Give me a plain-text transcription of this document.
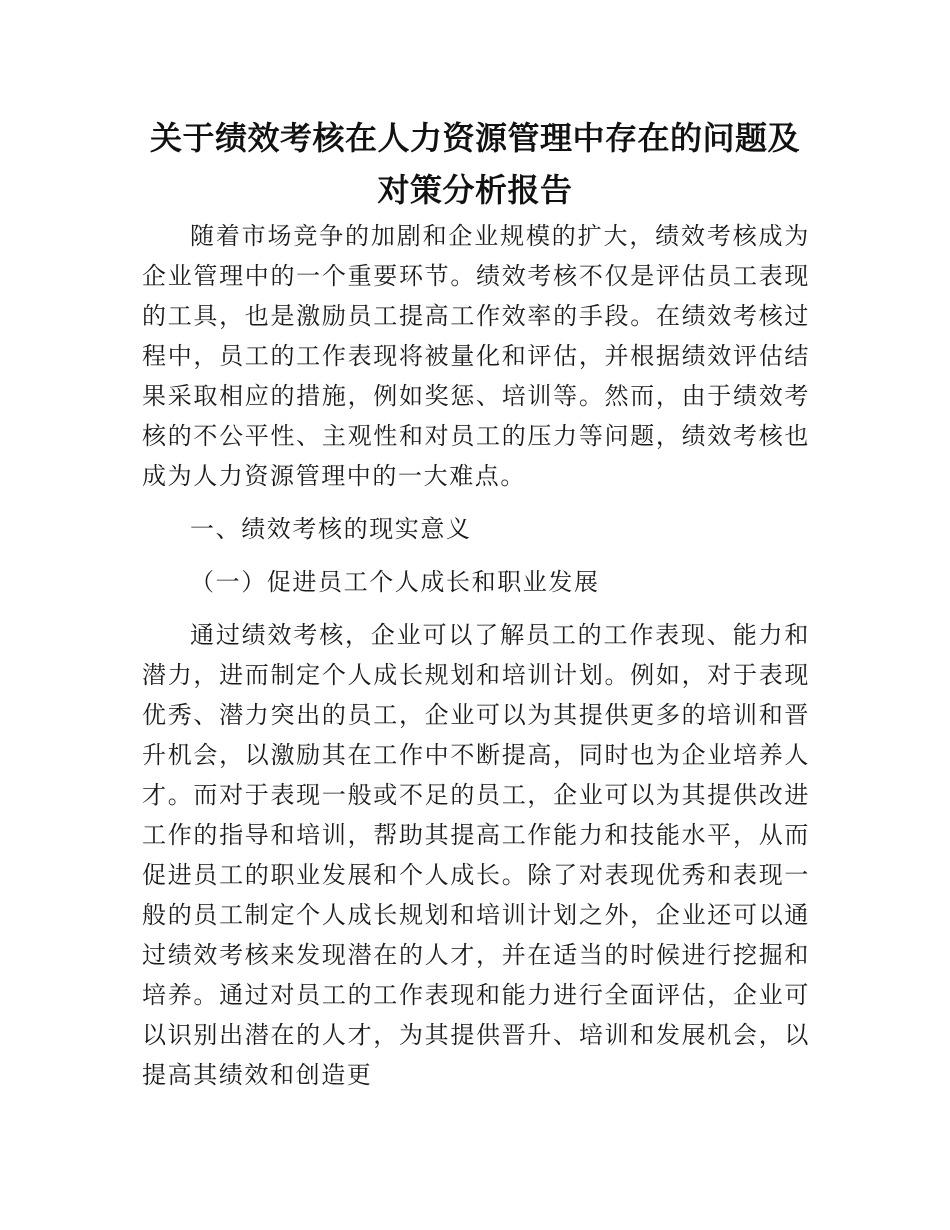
关于绩效考核在人力资源管理中存在的问题及对策分析报告

随着市场竞争的加剧和企业规模的扩大，绩效考核成为企业管理中的一个重要环节。绩效考核不仅是评估员工表现的工具，也是激励员工提高工作效率的手段。在绩效考核过程中，员工的工作表现将被量化和评估，并根据绩效评估结果采取相应的措施，例如奖惩、培训等。然而，由于绩效考核的不公平性、主观性和对员工的压力等问题，绩效考核也成为人力资源管理中的一大难点。

一、绩效考核的现实意义

（一）促进员工个人成长和职业发展

通过绩效考核，企业可以了解员工的工作表现、能力和潜力，进而制定个人成长规划和培训计划。例如，对于表现优秀、潜力突出的员工，企业可以为其提供更多的培训和晋升机会，以激励其在工作中不断提高，同时也为企业培养人才。而对于表现一般或不足的员工，企业可以为其提供改进工作的指导和培训，帮助其提高工作能力和技能水平，从而促进员工的职业发展和个人成长。除了对表现优秀和表现一般的员工制定个人成长规划和培训计划之外，企业还可以通过绩效考核来发现潜在的人才，并在适当的时候进行挖掘和培养。通过对员工的工作表现和能力进行全面评估，企业可以识别出潜在的人才，为其提供晋升、培训和发展机会，以提高其绩效和创造更
